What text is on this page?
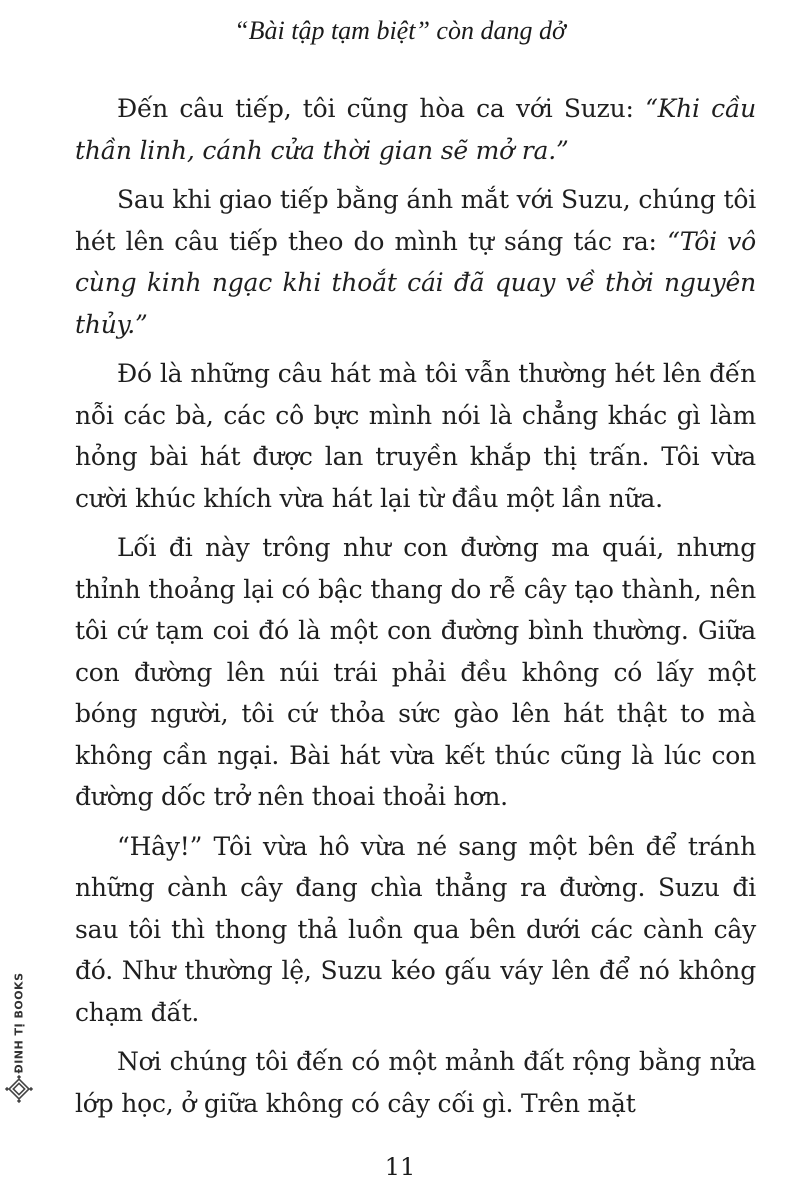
“Bài tập tạm biệt” còn dang dở

Đến câu tiếp, tôi cũng hòa ca với Suzu: “Khi cầu thần linh, cánh cửa thời gian sẽ mở ra.”

Sau khi giao tiếp bằng ánh mắt với Suzu, chúng tôi hét lên câu tiếp theo do mình tự sáng tác ra: “Tôi vô cùng kinh ngạc khi thoắt cái đã quay về thời nguyên thủy.”

Đó là những câu hát mà tôi vẫn thường hét lên đến nỗi các bà, các cô bực mình nói là chẳng khác gì làm hỏng bài hát được lan truyền khắp thị trấn. Tôi vừa cười khúc khích vừa hát lại từ đầu một lần nữa.

Lối đi này trông như con đường ma quái, nhưng thỉnh thoảng lại có bậc thang do rễ cây tạo thành, nên tôi cứ tạm coi đó là một con đường bình thường. Giữa con đường lên núi trái phải đều không có lấy một bóng người, tôi cứ thỏa sức gào lên hát thật to mà không cần ngại. Bài hát vừa kết thúc cũng là lúc con đường dốc trở nên thoai thoải hơn.

“Hây!” Tôi vừa hô vừa né sang một bên để tránh những cành cây đang chìa thẳng ra đường. Suzu đi sau tôi thì thong thả luồn qua bên dưới các cành cây đó. Như thường lệ, Suzu kéo gấu váy lên để nó không chạm đất.

Nơi chúng tôi đến có một mảnh đất rộng bằng nửa lớp học, ở giữa không có cây cối gì. Trên mặt

11
ĐINH TỊ BOOKS
